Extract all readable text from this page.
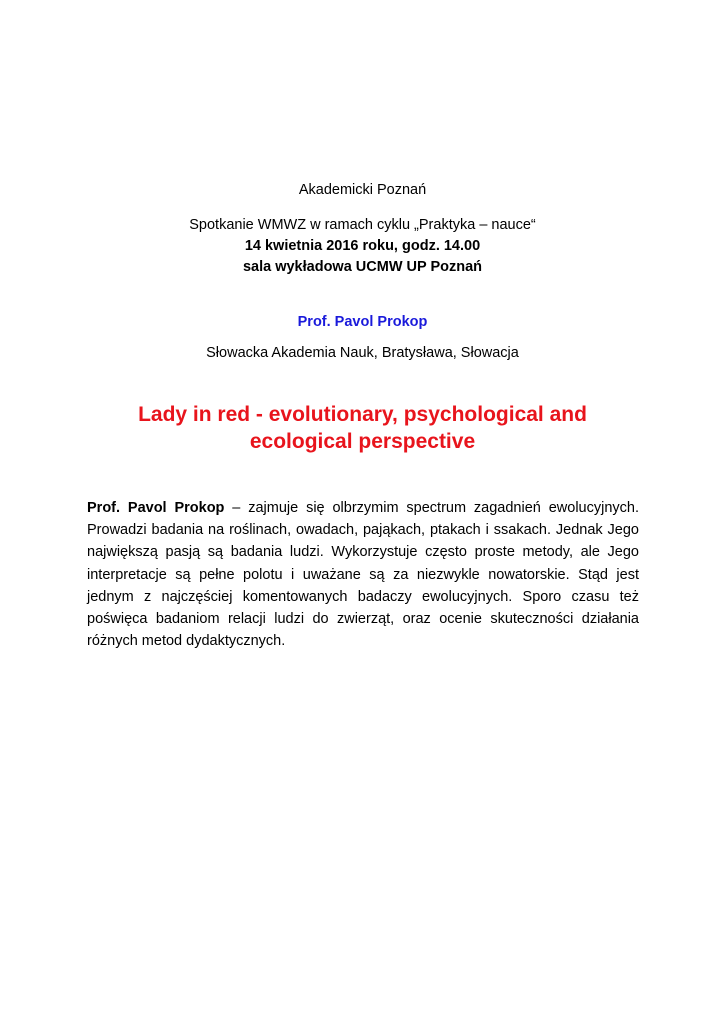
Akademicki Poznań
Spotkanie WMWZ w ramach cyklu „Praktyka – nauce“
14 kwietnia 2016 roku, godz. 14.00
sala wykładowa UCMW UP Poznań
Prof. Pavol Prokop
Słowacka Akademia Nauk, Bratysława, Słowacja
Lady in red - evolutionary, psychological and
ecological perspective
Prof. Pavol Prokop – zajmuje się olbrzymim spectrum zagadnień ewolucyjnych. Prowadzi badania na roślinach, owadach, pająkach, ptakach i ssakach. Jednak Jego największą pasją są badania ludzi. Wykorzystuje często proste metody, ale Jego interpretacje są pełne polotu i uważane są za niezwykle nowatorskie. Stąd jest jednym z najczęściej komentowanych badaczy ewolucyjnych. Sporo czasu też poświęca badaniom relacji ludzi do zwierząt, oraz ocenie skuteczności działania różnych metod dydaktycznych.
